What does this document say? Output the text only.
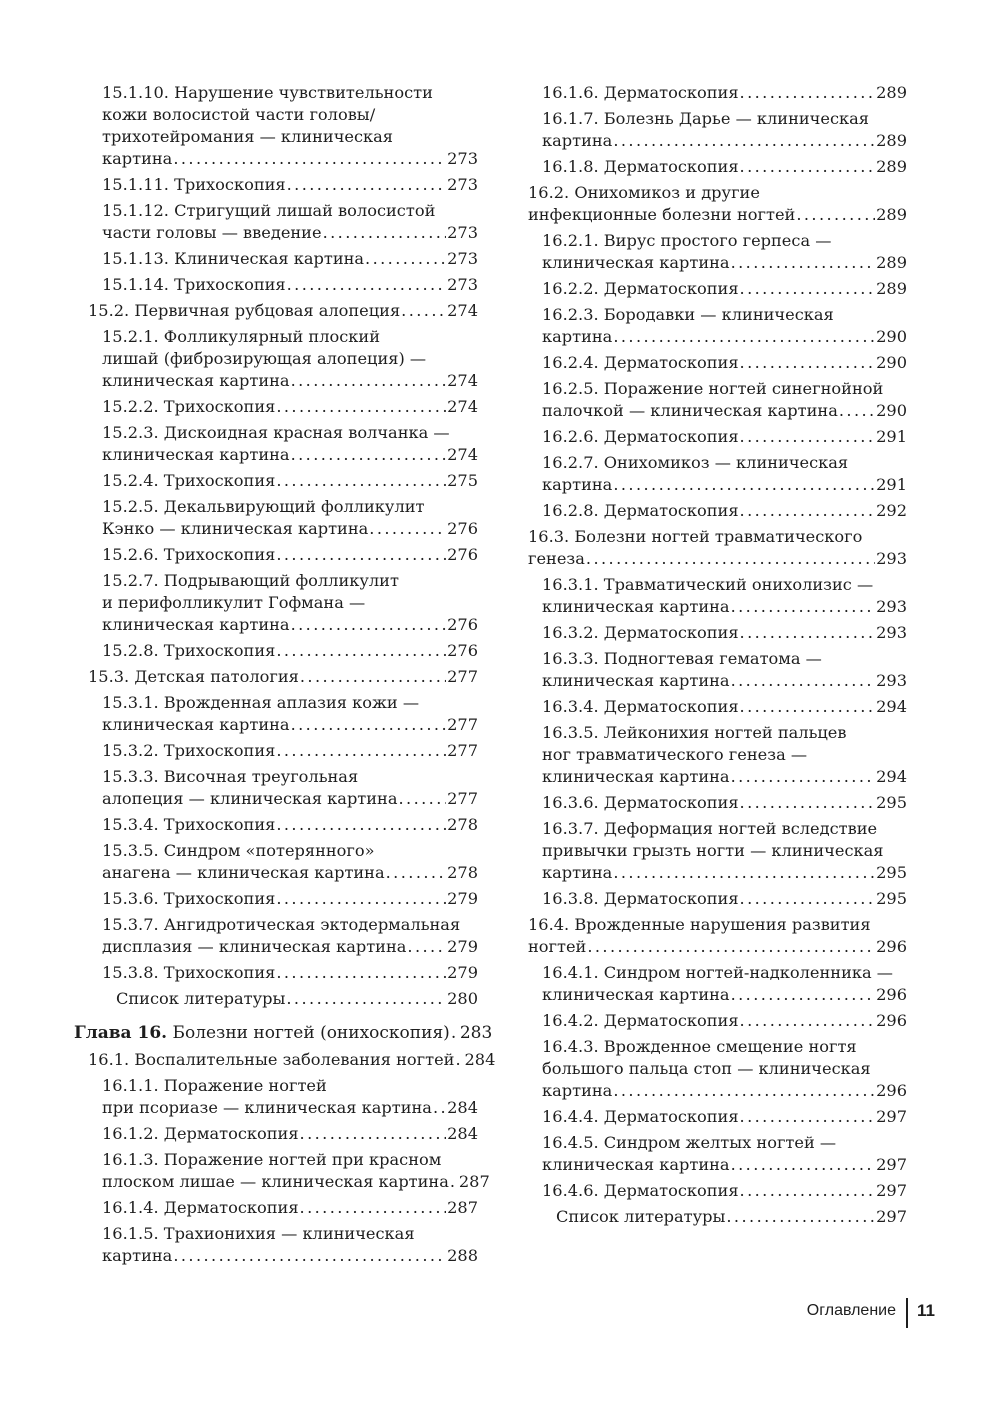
15.1.10. Нарушение чувствительности
кожи волосистой части головы/
трихотейромания — клиническая
картина .....	273
15.1.11. Трихоскопия .....	273
15.1.12. Стригущий лишай волосистой
части головы — введение .....	273
15.1.13. Клиническая картина .....	273
15.1.14. Трихоскопия .....	273
15.2. Первичная рубцовая алопеция .....	274
15.2.1. Фолликулярный плоский
лишай (фиброзирующая алопеция) —
клиническая картина .....	274
15.2.2. Трихоскопия .....	274
15.2.3. Дискоидная красная волчанка —
клиническая картина .....	274
15.2.4. Трихоскопия .....	275
15.2.5. Декальвирующий фолликулит
Кэнко — клиническая картина .....	276
15.2.6. Трихоскопия .....	276
15.2.7. Подрывающий фолликулит
и перифолликулит Гофмана —
клиническая картина .....	276
15.2.8. Трихоскопия .....	276
15.3. Детская патология .....	277
15.3.1. Врожденная аплазия кожи —
клиническая картина .....	277
15.3.2. Трихоскопия .....	277
15.3.3. Височная треугольная
алопеция — клиническая картина .....	277
15.3.4. Трихоскопия .....	278
15.3.5. Синдром «потерянного»
анагена — клиническая картина .....	278
15.3.6. Трихоскопия .....	279
15.3.7. Ангидротическая эктодермальная
дисплазия — клиническая картина .....	279
15.3.8. Трихоскопия .....	279
Список литературы .....	280
Глава 16. Болезни ногтей (онихоскопия) ..... 283
16.1. Воспалительные заболевания ногтей ..... 284
16.1.1. Поражение ногтей
при псориазе — клиническая картина ..... 284
16.1.2. Дерматоскопия .....	284
16.1.3. Поражение ногтей при красном
плоском лишае — клиническая картина ..... 287
16.1.4. Дерматоскопия .....	287
16.1.5. Трахионихия — клиническая
картина .....	288
16.1.6. Дерматоскопия .....	289
16.1.7. Болезнь Дарье — клиническая
картина .....	289
16.1.8. Дерматоскопия .....	289
16.2. Онихомикоз и другие
инфекционные болезни ногтей .....	289
16.2.1. Вирус простого герпеса —
клиническая картина .....	289
16.2.2. Дерматоскопия .....	289
16.2.3. Бородавки — клиническая
картина .....	290
16.2.4. Дерматоскопия .....	290
16.2.5. Поражение ногтей синегнойной
палочкой — клиническая картина ..... 290
16.2.6. Дерматоскопия .....	291
16.2.7. Онихомикоз — клиническая
картина .....	291
16.2.8. Дерматоскопия .....	292
16.3. Болезни ногтей травматического
генеза .....	293
16.3.1. Травматический онихолизис —
клиническая картина .....	293
16.3.2. Дерматоскопия .....	293
16.3.3. Подногтевая гематома —
клиническая картина .....	293
16.3.4. Дерматоскопия .....	294
16.3.5. Лейконихия ногтей пальцев
ног травматического генеза —
клиническая картина .....	294
16.3.6. Дерматоскопия .....	295
16.3.7. Деформация ногтей вследствие
привычки грызть ногти — клиническая
картина .....	295
16.3.8. Дерматоскопия .....	295
16.4. Врожденные нарушения развития
ногтей .....	296
16.4.1. Синдром ногтей-надколенника —
клиническая картина .....	296
16.4.2. Дерматоскопия .....	296
16.4.3. Врожденное смещение ногтя
большого пальца стоп — клиническая
картина .....	296
16.4.4. Дерматоскопия .....	297
16.4.5. Синдром желтых ногтей —
клиническая картина .....	297
16.4.6. Дерматоскопия .....	297
Список литературы .....	297
Оглавление 11
